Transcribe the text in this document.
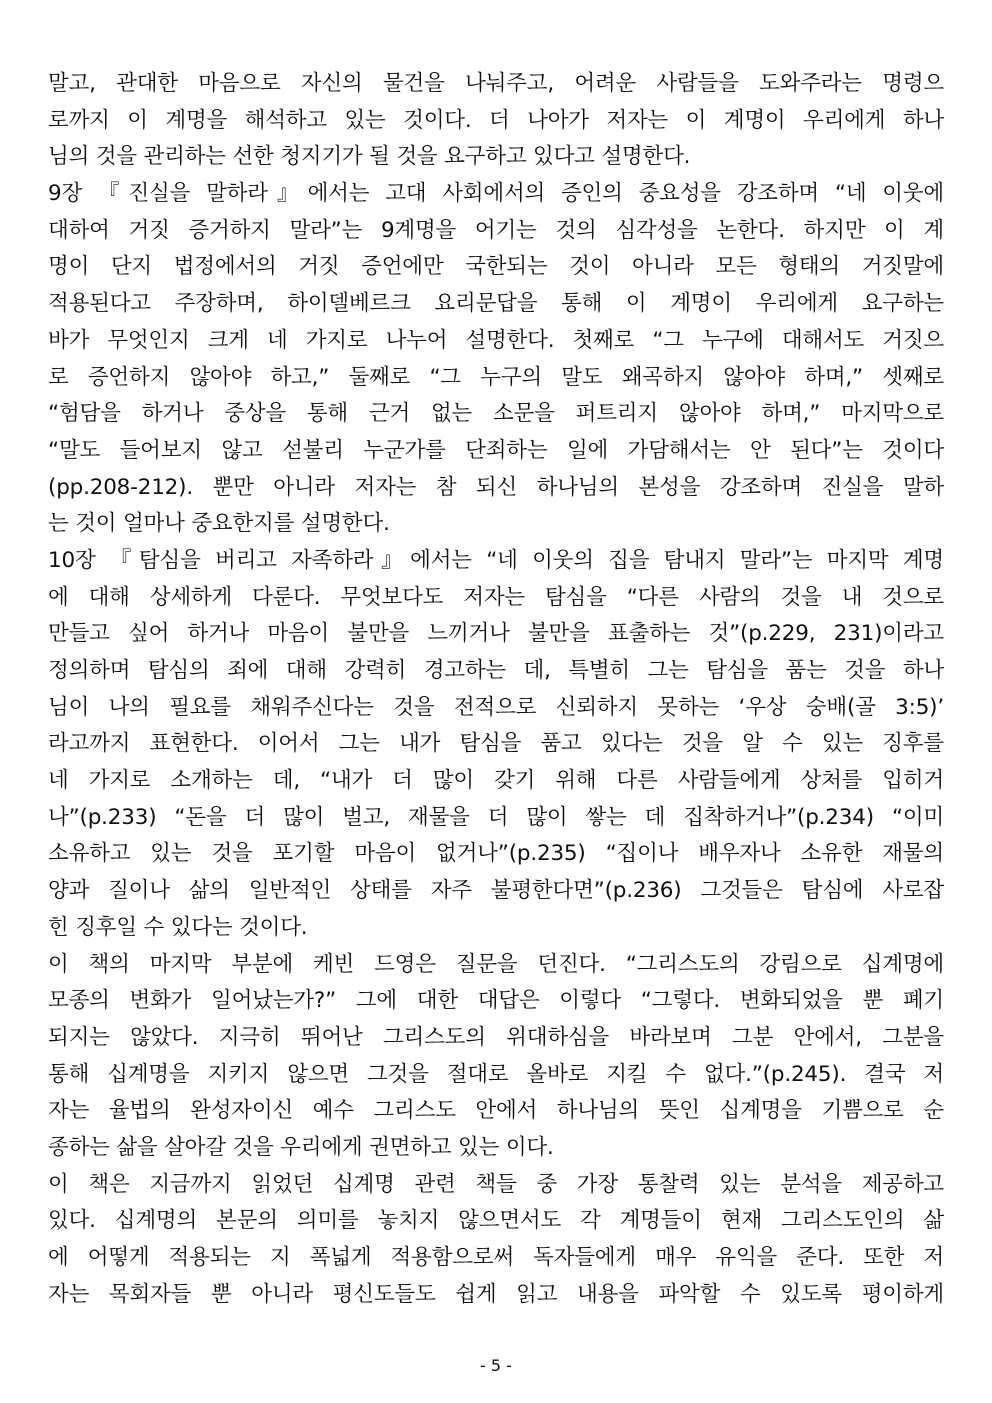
말고, 관대한 마음으로 자신의 물건을 나눠주고, 어려운 사람들을 도와주라는 명령으
로까지 이 계명을 해석하고 있는 것이다. 더 나아가 저자는 이 계명이 우리에게 하나
님의 것을 관리하는 선한 청지기가 될 것을 요구하고 있다고 설명한다.
9장 『진실을 말하라』에서는 고대 사회에서의 증인의 중요성을 강조하며 “네 이웃에
대하여 거짓 증거하지 말라”는 9계명을 어기는 것의 심각성을 논한다. 하지만 이 계
명이 단지 법정에서의 거짓 증언에만 국한되는 것이 아니라 모든 형태의 거짓말에
적용된다고 주장하며, 하이델베르크 요리문답을 통해 이 계명이 우리에게 요구하는
바가 무엇인지 크게 네 가지로 나누어 설명한다. 첫째로 “그 누구에 대해서도 거짓으
로 증언하지 않아야 하고,” 둘째로 “그 누구의 말도 왜곡하지 않아야 하며,” 셋째로
“험담을 하거나 중상을 통해 근거 없는 소문을 퍼트리지 않아야 하며,” 마지막으로
“말도 들어보지 않고 섣불리 누군가를 단죄하는 일에 가담해서는 안 된다”는 것이다
(pp.208-212). 뿐만 아니라 저자는 참 되신 하나님의 본성을 강조하며 진실을 말하
는 것이 얼마나 중요한지를 설명한다.
10장 『탐심을 버리고 자족하라』에서는 “네 이웃의 집을 탐내지 말라”는 마지막 계명
에 대해 상세하게 다룬다. 무엇보다도 저자는 탐심을 “다른 사람의 것을 내 것으로
만들고 싶어 하거나 마음이 불만을 느끼거나 불만을 표출하는 것”(p.229, 231)이라고
정의하며 탐심의 죄에 대해 강력히 경고하는 데, 특별히 그는 탐심을 품는 것을 하나
님이 나의 필요를 채워주신다는 것을 전적으로 신뢰하지 못하는 ‘우상 숭배(골 3:5)’
라고까지 표현한다. 이어서 그는 내가 탐심을 품고 있다는 것을 알 수 있는 징후를
네 가지로 소개하는 데, “내가 더 많이 갖기 위해 다른 사람들에게 상처를 입히거
나”(p.233) “돈을 더 많이 벌고, 재물을 더 많이 쌓는 데 집착하거나”(p.234) “이미
소유하고 있는 것을 포기할 마음이 없거나”(p.235) “집이나 배우자나 소유한 재물의
양과 질이나 삶의 일반적인 상태를 자주 불평한다면”(p.236) 그것들은 탐심에 사로잡
힌 징후일 수 있다는 것이다.
이 책의 마지막 부분에 케빈 드영은 질문을 던진다. “그리스도의 강림으로 십계명에
모종의 변화가 일어났는가?” 그에 대한 대답은 이렇다 “그렇다. 변화되었을 뿐 폐기
되지는 않았다. 지극히 뛰어난 그리스도의 위대하심을 바라보며 그분 안에서, 그분을
통해 십계명을 지키지 않으면 그것을 절대로 올바로 지킬 수 없다.”(p.245). 결국 저
자는 율법의 완성자이신 예수 그리스도 안에서 하나님의 뜻인 십계명을 기쁨으로 순
종하는 삶을 살아갈 것을 우리에게 권면하고 있는 이다.
이 책은 지금까지 읽었던 십계명 관련 책들 중 가장 통찰력 있는 분석을 제공하고
있다. 십계명의 본문의 의미를 놓치지 않으면서도 각 계명들이 현재 그리스도인의 삶
에 어떻게 적용되는 지 폭넓게 적용함으로써 독자들에게 매우 유익을 준다. 또한 저
자는 목회자들 뿐 아니라 평신도들도 쉽게 읽고 내용을 파악할 수 있도록 평이하게
- 5 -
